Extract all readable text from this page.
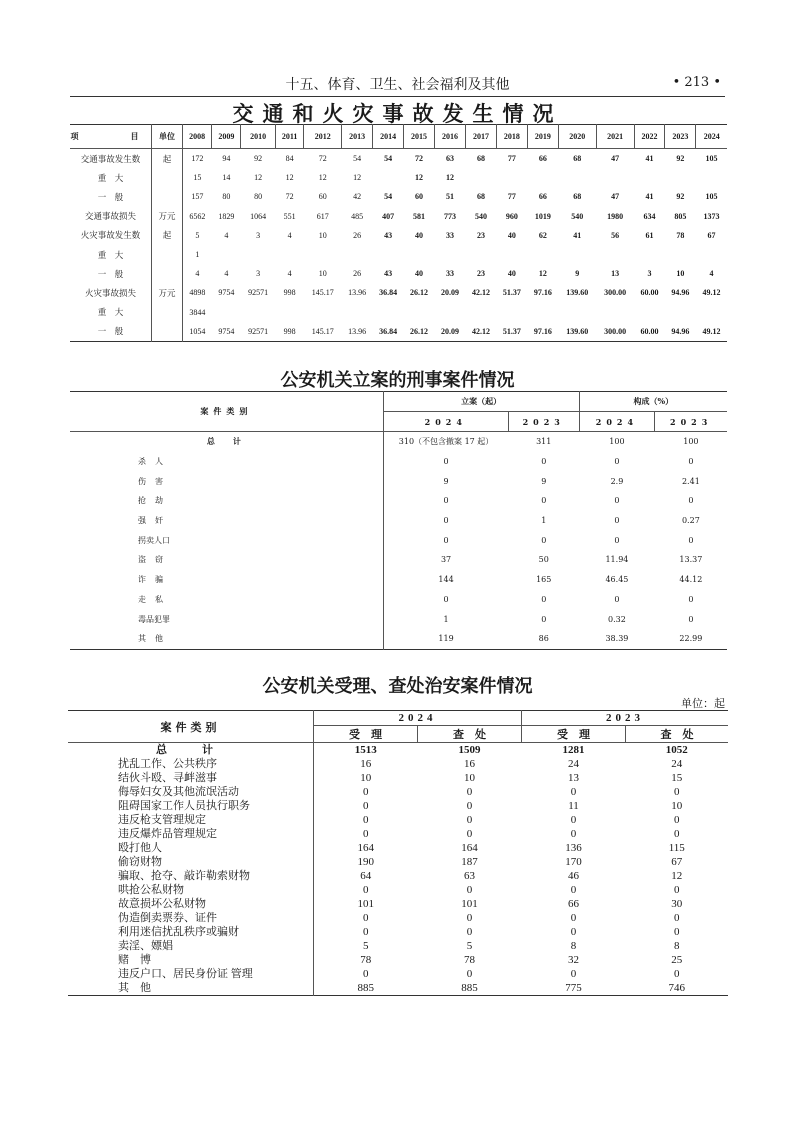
十五、体育、卫生、社会福利及其他	• 213 •
交通和火灾事故发生情况
项　　目	单位	2008	2009	2010	2011	2012	2013	2014	2015	2016	2017	2018	2019	2020	2021	2022	2023	2024
交通事故发生数	起	172	94	92	84	72	54	54	72	63	68	77	66	68	47	41	92	105
重　大		15	14	12	12	12	12		12	12								
一　般		157	80	80	72	60	42	54	60	51	68	77	66	68	47	41	92	105
交通事故损失	万元	6562	1829	1064	551	617	485	407	581	773	540	960	1019	540	1980	634	805	1373
火灾事故发生数	起	5	4	3	4	10	26	43	40	33	23	40	62	41	56	61	78	67
重　大		1																
一　般		4	4	3	4	10	26	43	40	33	23	40	12	9	13	3	10	4
火灾事故损失	万元	4898	9754	92571	998	145.17	13.96	36.84	26.12	20.09	42.12	51.37	97.16	139.60	300.00	60.00	94.96	49.12
重　大		3844																
一　般		1054	9754	92571	998	145.17	13.96	36.84	26.12	20.09	42.12	51.37	97.16	139.60	300.00	60.00	94.96	49.12
公安机关立案的刑事案件情况
案件类别	立案（起）		构成（%）	
	2024	2023	2024	2023
总　计	310（不包含撤案 17 起）	311	100	100
杀人	0	0	0	0
伤害	9	9	2.9	2.41
抢劫	0	0	0	0
强奸	0	1	0	0.27
拐卖人口	0	0	0	0
盗窃	37	50	11.94	13.37
诈骗	144	165	46.45	44.12
走私	0	0	0	0
毒品犯罪	1	0	0.32	0
其他	119	86	38.39	22.99
公安机关受理、查处治安案件情况
单位：起
案件类别	2024		2023	
	受　理	查　处	受　理	查　处
总　计	1513	1509	1281	1052
扰乱工作、公共秩序	16	16	24	24
结伙斗殴、寻衅滋事	10	10	13	15
侮辱妇女及其他流氓活动	0	0	0	0
阻碍国家工作人员执行职务	0	0	11	10
违反枪支管理规定	0	0	0	0
违反爆炸品管理规定	0	0	0	0
殴打他人	164	164	136	115
偷窃财物	190	187	170	67
骗取、抢夺、敲诈勒索财物	64	63	46	12
哄抢公私财物	0	0	0	0
故意损坏公私财物	101	101	66	30
伪造倒卖票券、证件	0	0	0	0
利用迷信扰乱秩序或骗财	0	0	0	0
卖淫、嫖娼	5	5	8	8
赌　博	78	78	32	25
违反户口、居民身份证 管理	0	0	0	0
其　他	885	885	775	746
